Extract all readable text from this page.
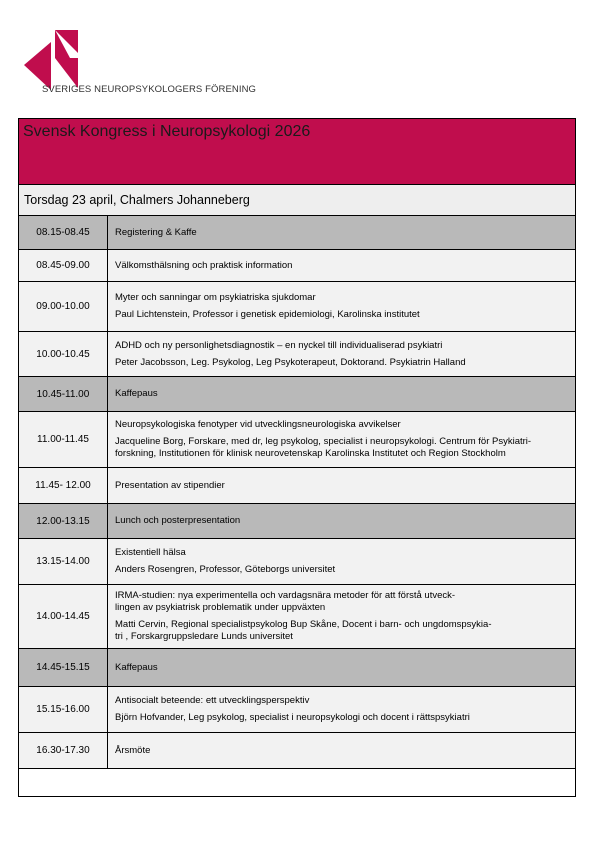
SVERIGES NEUROPSYKOLOGERS FÖRENING
Svensk Kongress i Neuropsykologi 2026
Torsdag 23 april, Chalmers Johanneberg
08.15-08.45	Registering & Kaffe
08.45-09.00	Välkomsthälsning och praktisk information
09.00-10.00
Myter och sanningar om psykiatriska sjukdomar
Paul Lichtenstein, Professor i genetisk epidemiologi, Karolinska institutet
10.00-10.45
ADHD och ny personlighetsdiagnostik – en nyckel till individualiserad psykiatri
Peter Jacobsson, Leg. Psykolog, Leg Psykoterapeut, Doktorand. Psykiatrin Halland
10.45-11.00	Kaffepaus
11.00-11.45
Neuropsykologiska fenotyper vid utvecklingsneurologiska avvikelser
Jacqueline Borg, Forskare, med dr, leg psykolog, specialist i neuropsykologi. Centrum för Psykiatri-
forskning, Institutionen för klinisk neurovetenskap Karolinska Institutet och Region Stockholm
11.45- 12.00	Presentation av stipendier
12.00-13.15	Lunch och posterpresentation
13.15-14.00
Existentiell hälsa
Anders Rosengren, Professor, Göteborgs universitet
14.00-14.45
IRMA-studien: nya experimentella och vardagsnära metoder för att förstå utveck-
lingen av psykiatrisk problematik under uppväxten
Matti Cervin, Regional specialistpsykolog Bup Skåne, Docent i barn- och ungdomspsykia-
tri , Forskargruppsledare Lunds universitet
14.45-15.15	Kaffepaus
15.15-16.00
Antisocialt beteende: ett utvecklingsperspektiv
Björn Hofvander, Leg psykolog, specialist i neuropsykologi och docent i rättspsykiatri
16.30-17.30	Årsmöte
